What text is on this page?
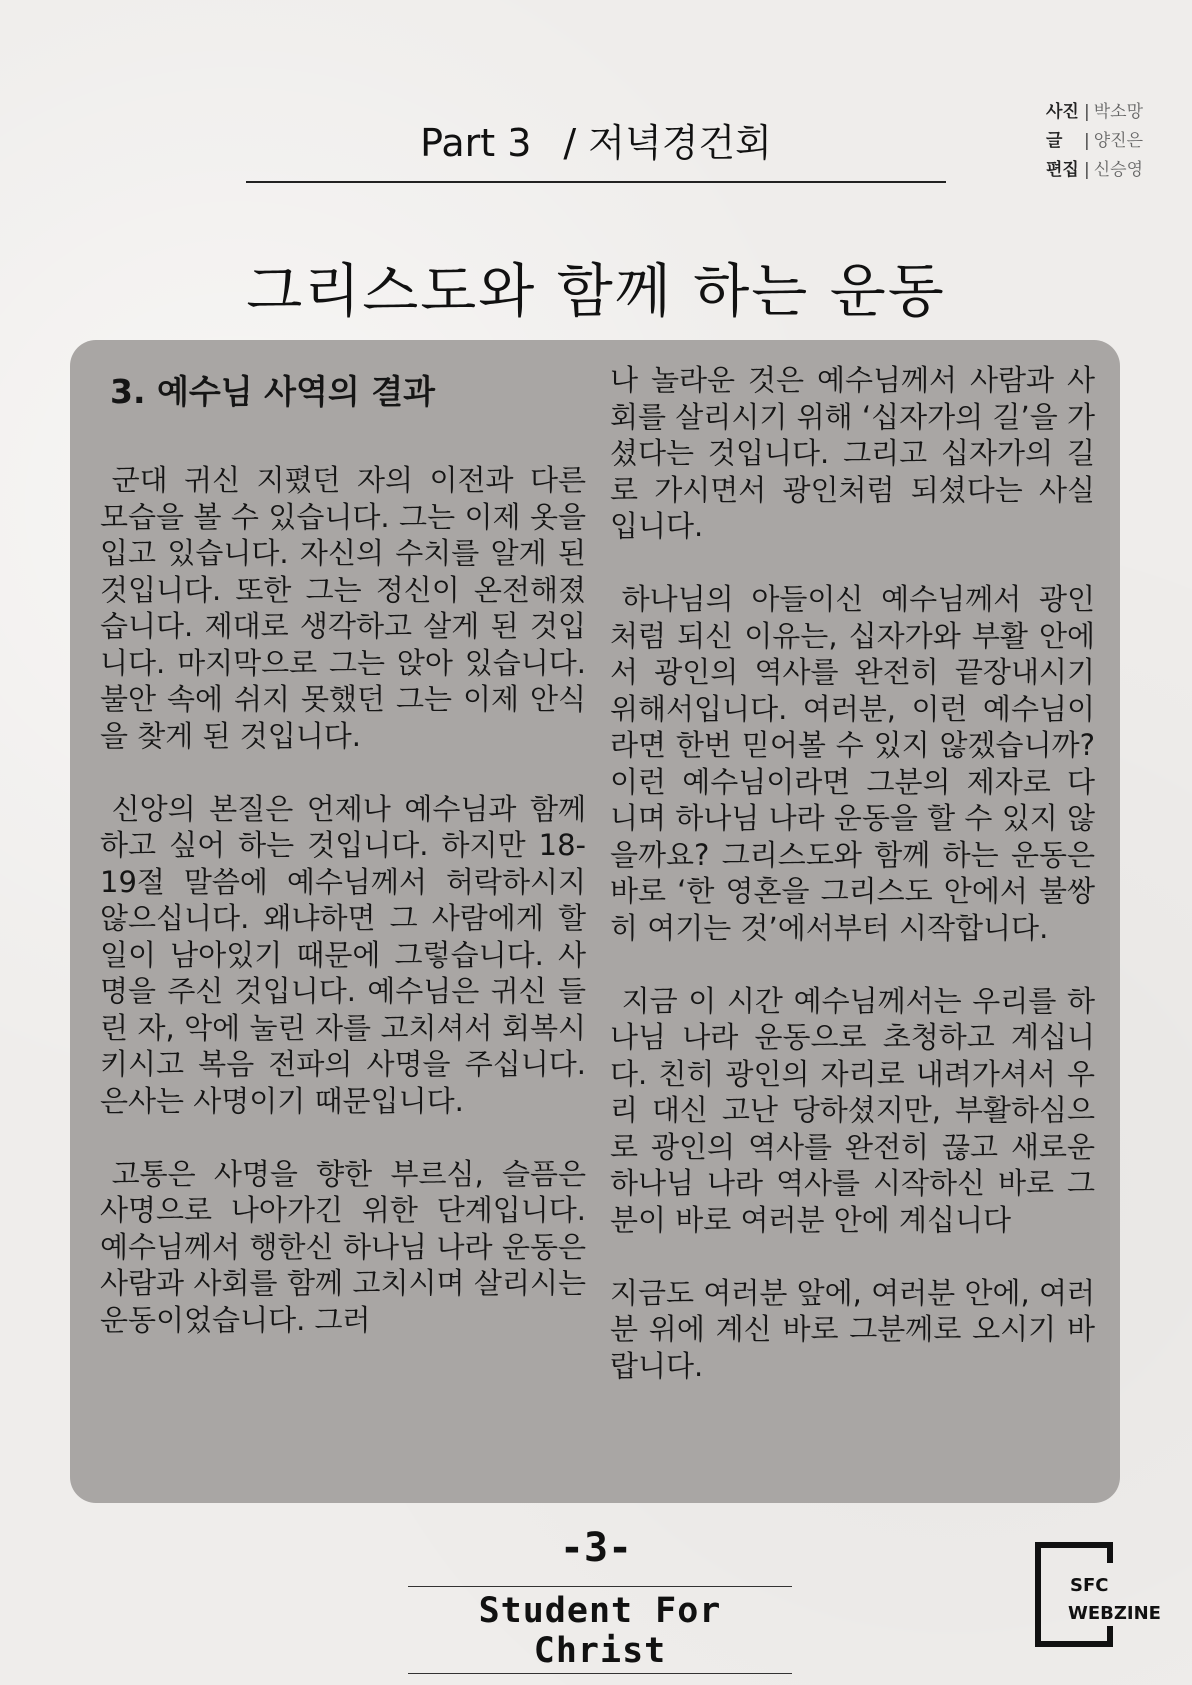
Part 3 / 저녁경건회
사진 | 박소망
글 | 양진은
편집 | 신승영
그리스도와 함께 하는 운동
3. 예수님 사역의 결과

군대 귀신 지폈던 자의 이전과 다른 모습을 볼 수 있습니다. 그는 이제 옷을 입고 있습니다. 자신의 수치를 알게 된 것입니다. 또한 그는 정신이 온전해졌습니다. 제대로 생각하고 살게 된 것입니다. 마지막으로 그는 앉아 있습니다. 불안 속에 쉬지 못했던 그는 이제 안식을 찾게 된 것입니다.

신앙의 본질은 언제나 예수님과 함께하고 싶어 하는 것입니다. 하지만 18-19절 말씀에 예수님께서 허락하시지 않으십니다. 왜냐하면 그 사람에게 할 일이 남아있기 때문에 그렇습니다. 사명을 주신 것입니다. 예수님은 귀신 들린 자, 악에 눌린 자를 고치셔서 회복시키시고 복음 전파의 사명을 주십니다. 은사는 사명이기 때문입니다.

고통은 사명을 향한 부르심, 슬픔은 사명으로 나아가긴 위한 단계입니다. 예수님께서 행한신 하나님 나라 운동은 사람과 사회를 함께 고치시며 살리시는 운동이었습니다. 그러

나 놀라운 것은 예수님께서 사람과 사회를 살리시기 위해 ‘십자가의 길’을 가셨다는 것입니다. 그리고 십자가의 길로 가시면서 광인처럼 되셨다는 사실입니다.

하나님의 아들이신 예수님께서 광인처럼 되신 이유는, 십자가와 부활 안에서 광인의 역사를 완전히 끝장내시기 위해서입니다. 여러분, 이런 예수님이라면 한번 믿어볼 수 있지 않겠습니까? 이런 예수님이라면 그분의 제자로 다니며 하나님 나라 운동을 할 수 있지 않을까요? 그리스도와 함께 하는 운동은 바로 ‘한 영혼을 그리스도 안에서 불쌍히 여기는 것’에서부터 시작합니다.

지금 이 시간 예수님께서는 우리를 하나님 나라 운동으로 초청하고 계십니다. 친히 광인의 자리로 내려가셔서 우리 대신 고난 당하셨지만, 부활하심으로 광인의 역사를 완전히 끊고 새로운 하나님 나라 역사를 시작하신 바로 그분이 바로 여러분 안에 계십니다

지금도 여러분 앞에, 여러분 안에, 여러분 위에 계신 바로 그분께로 오시기 바랍니다.

-3-
Student For Christ
SFC
WEBZINE
